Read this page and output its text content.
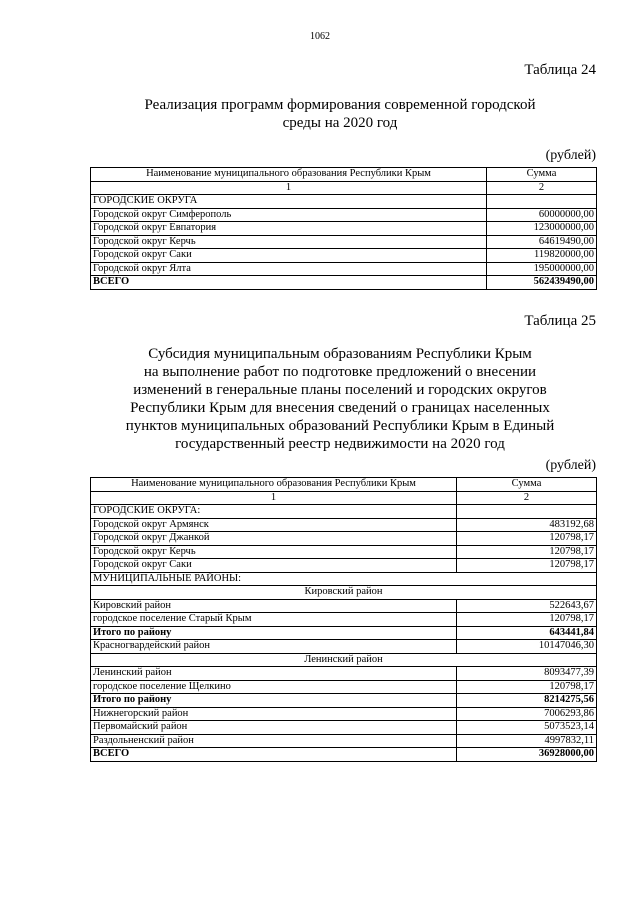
1062
Таблица 24
Реализация программ формирования современной городской
среды на 2020 год
(рублей)
Наименование муниципального образования Республики Крым	Сумма
1	2
ГОРОДСКИЕ ОКРУГА	
Городской округ Симферополь	60000000,00
Городской округ Евпатория	123000000,00
Городской округ Керчь	64619490,00
Городской округ Саки	119820000,00
Городской округ Ялта	195000000,00
ВСЕГО	562439490,00
Таблица 25
Субсидия муниципальным образованиям Республики Крым
на выполнение работ по подготовке предложений о внесении
изменений в генеральные планы поселений и городских округов
Республики Крым для внесения сведений о границах населенных
пунктов муниципальных образований Республики Крым в Единый
государственный реестр недвижимости на 2020 год
(рублей)
Наименование муниципального образования Республики Крым	Сумма
1	2
ГОРОДСКИЕ ОКРУГА:	
Городской округ Армянск	483192,68
Городской округ Джанкой	120798,17
Городской округ Керчь	120798,17
Городской округ Саки	120798,17
МУНИЦИПАЛЬНЫЕ РАЙОНЫ:	
Кировский район	
Кировский район	522643,67
городское поселение Старый Крым	120798,17
Итого по району	643441,84
Красногвардейский район	10147046,30
Ленинский район	
Ленинский район	8093477,39
городское поселение Щелкино	120798,17
Итого по району	8214275,56
Нижнегорский район	7006293,86
Первомайский район	5073523,14
Раздольненский район	4997832,11
ВСЕГО	36928000,00
